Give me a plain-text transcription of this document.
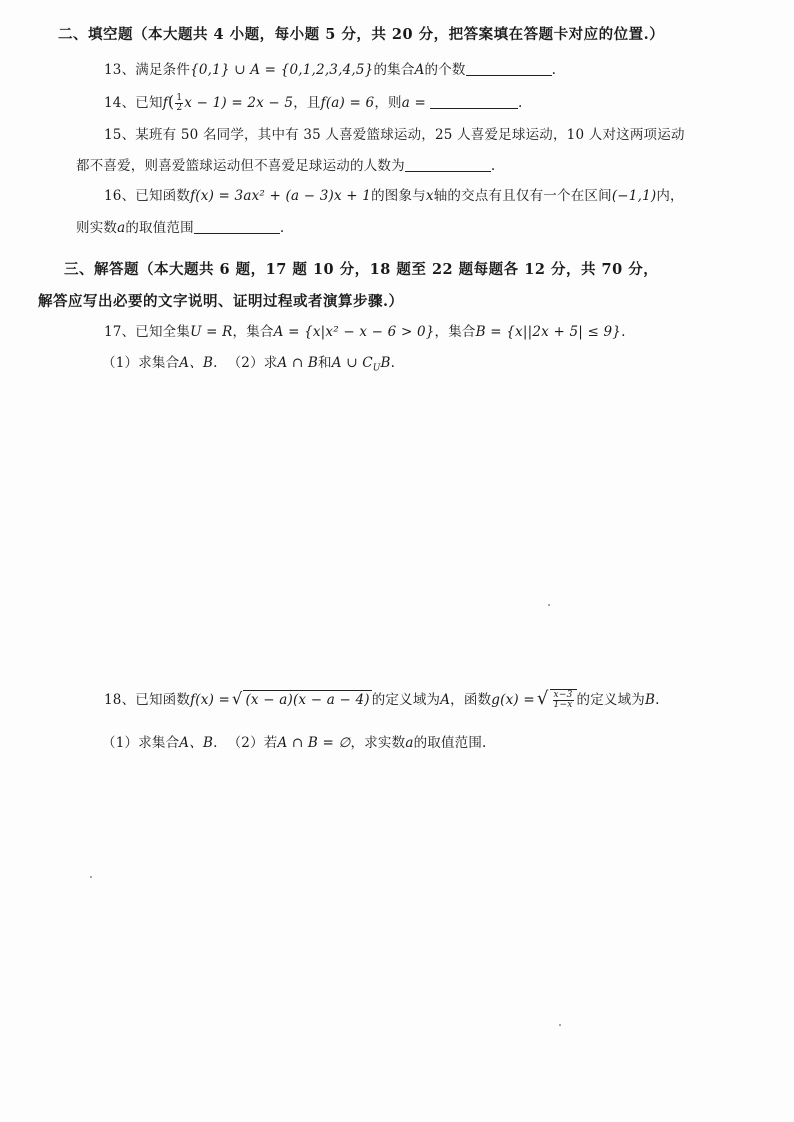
二、填空题（本大题共 4 小题，每小题 5 分，共 20 分，把答案填在答题卡对应的位置.）
13、满足条件{0,1} ∪ A = {0,1,2,3,4,5}的集合A的个数	.
14、已知$f( \frac{1}{2}$ x − 1) = 2x − 5，且f(a) = 6，则a =	.
15、某班有 50 名同学，其中有 35 人喜爱篮球运动，25 人喜爱足球运动，10 人对这两项运动
都不喜爱，则喜爱篮球运动但不喜爱足球运动的人数为	.
16、已知函数f(x) = 3ax² + (a − 3)x + 1的图象与x轴的交点有且仅有一个在区间(−1,1)内，
则实数a的取值范围	.
三、解答题（本大题共 6 题，17 题 10 分，18 题至 22 题每题各 12 分，共 70 分，
解答应写出必要的文字说明、证明过程或者演算步骤.）
17、已知全集U = R，集合A = {x|x² − x − 6 > 0}，集合B = {x||2x + 5| ≤ 9}.
（1）求集合A、B. （2）求A ∩ B和A ∪ $C_UB$.
18、已知函数f(x) = √ (x − a)(x − a − 4) 的定义域为A，函数g(x) = √ $\frac{x-3}{1-x}$ 的定义域为B.
（1）求集合A、B. （2）若A ∩ B = ∅，求实数a的取值范围.
